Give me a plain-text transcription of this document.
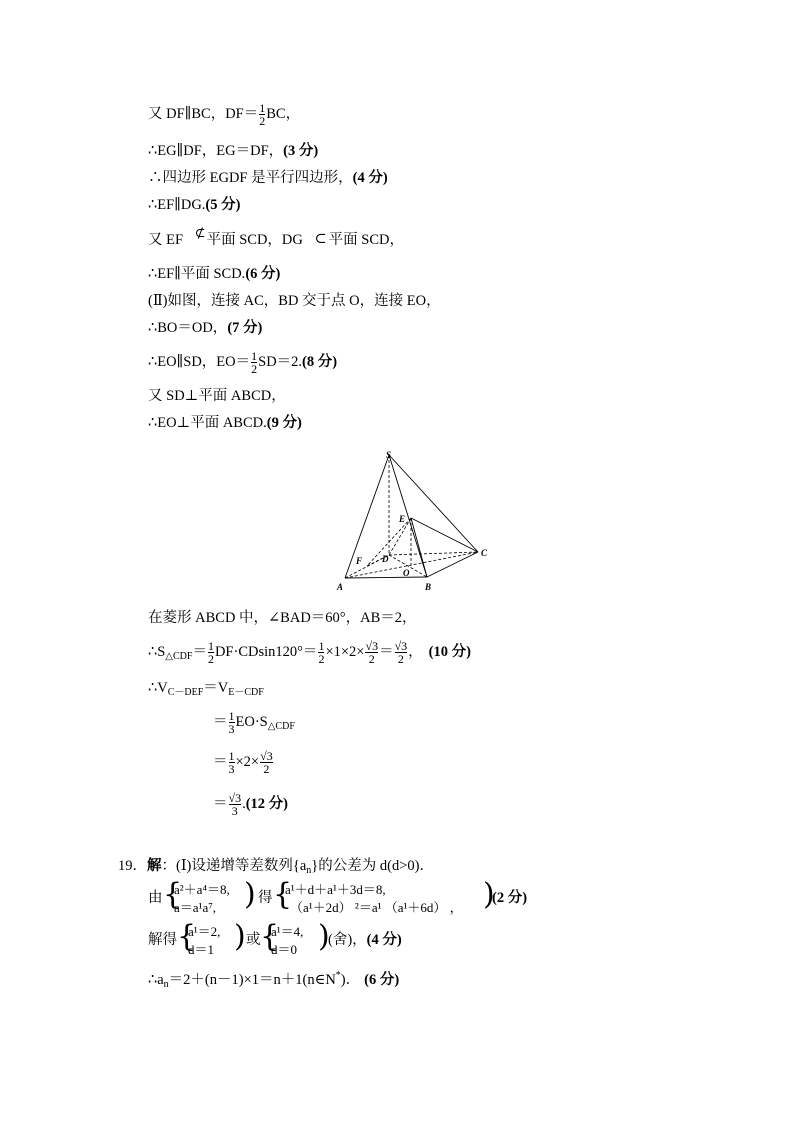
又 DF∥BC，$DF= \frac{1}{2}$ BC，
∴EG∥DF，EG＝DF，(3 分)
∴四边形 EGDF 是平行四边形，(4 分)
∴EF∥DG.(5 分)
又 EF ⊄平面 SCD，DG ⊂ 平面 SCD，
∴EF∥平面 SCD.(6 分)
(Ⅱ)如图，连接 AC，BD 交于点 O，连接 EO，
∴BO＝OD，(7 分)
∴EO∥SD，$EO= \frac{1}{2} SD=2.(8$ 分)
又 SD⊥平面 ABCD，
∴EO⊥平面 ABCD.(9 分)
S
E
F D
O
A	B
C
在菱形 ABCD 中，∠BAD＝60°，AB＝2，
$\therefore S_{\triangle CDF}= \frac{1}{2} DF\cdot CDsin120^\circ= \frac{1}{2} \times 1\times 2\times \frac{√3}{2} = \frac{√3}{2}$ ， (10 分)
$\therefore V_{C-DEF}=V_{E-CDF}$
＝ $\frac{1}{3} EO\cdot S_{\triangle CDF}$
＝ $\frac{1}{3} \times 2\times \frac{√3}{2}$
＝ $\frac{√3}{3} .(12$ 分)
19．解：(Ⅰ)设递增等差数列$\{a_n\}$的公差为 d(d>0)．
由 {
a²＋a⁴＝8,
a＝a¹a⁷, ) 得 {
a¹＋d＋a¹＋3d＝8,
（a¹＋2d） ²＝a¹ （a¹＋6d） ， )
(2 分)
解得 {
a¹＝2,
d＝1 ) 或 {
a¹＝4,
d＝0 )
(舍)，(4 分)
$\therefore a_n=2+(n-1)\times 1=n+1(n\in N^*)$． (6 分)
